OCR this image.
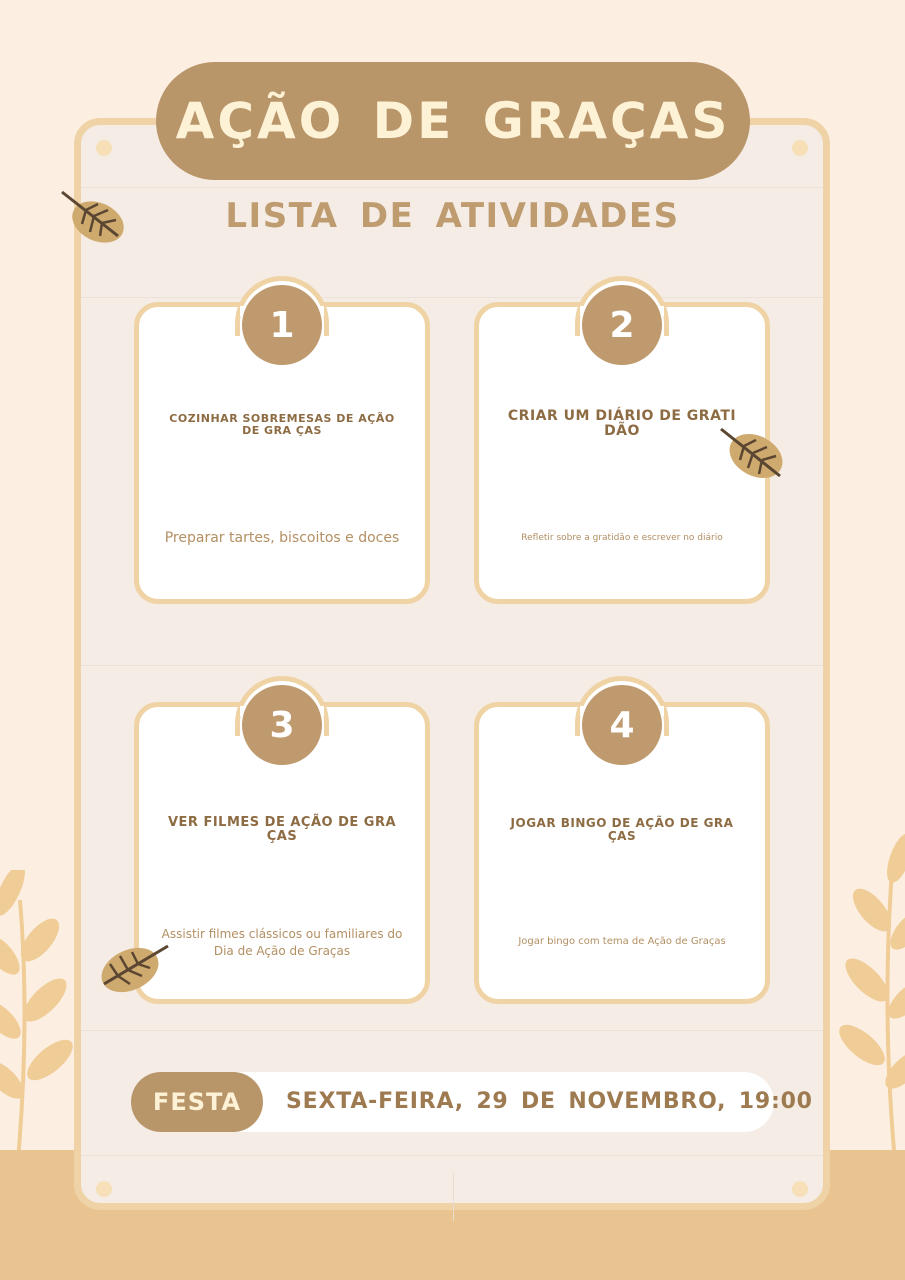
AÇÃO DE GRAÇAS
LISTA DE ATIVIDADES
1
COZINHAR SOBREMESAS DE AÇÃO DE GRA ÇAS
Preparar tartes, biscoitos e doces
2
CRIAR UM DIÁRIO DE GRATI DÃO
Refletir sobre a gratidão e escrever no diário
3
VER FILMES DE AÇÃO DE GRA ÇAS
Assistir filmes clássicos ou familiares do Dia de Ação de Graças
4
JOGAR BINGO DE AÇÃO DE GRA ÇAS
Jogar bingo com tema de Ação de Graças
FESTA	SEXTA-FEIRA, 29 DE NOVEMBRO, 19:00
